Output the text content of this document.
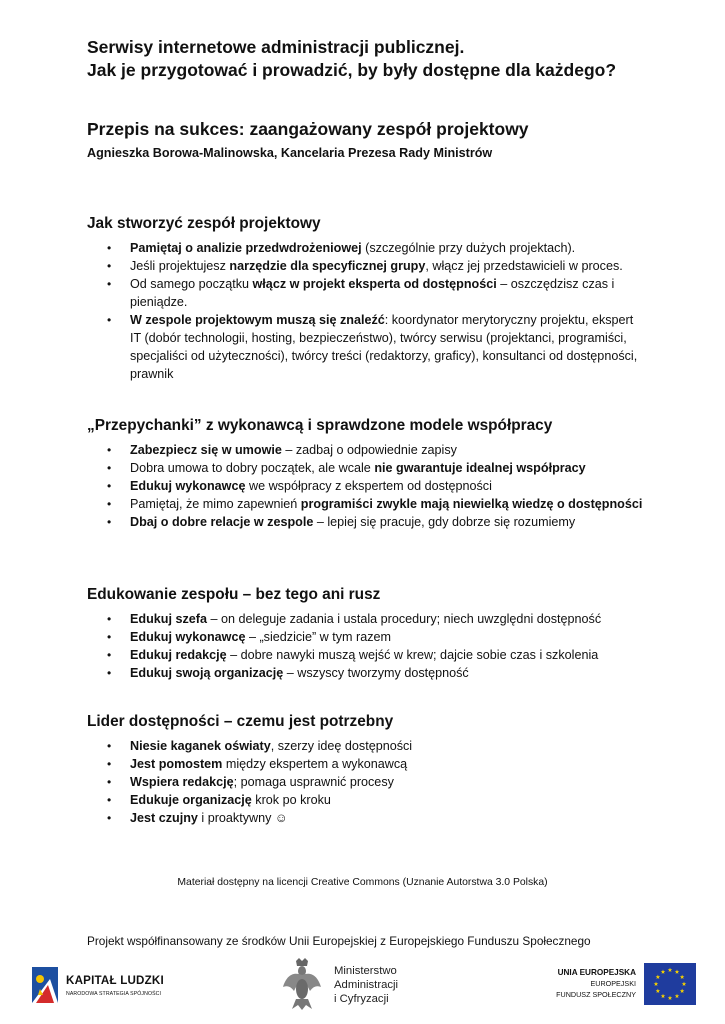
Serwisy internetowe administracji publicznej.
Jak je przygotować i prowadzić, by były dostępne dla każdego?
Przepis na sukces: zaangażowany zespół projektowy
Agnieszka Borowa-Malinowska, Kancelaria Prezesa Rady Ministrów
Jak stworzyć zespół projektowy
• Pamiętaj o analizie przedwdrożeniowej (szczególnie przy dużych projektach).
• Jeśli projektujesz narzędzie dla specyficznej grupy, włącz jej przedstawicieli w proces.
• Od samego początku włącz w projekt eksperta od dostępności – oszczędzisz czas i pieniądze.
• W zespole projektowym muszą się znaleźć: koordynator merytoryczny projektu, ekspert IT (dobór technologii, hosting, bezpieczeństwo), twórcy serwisu (projektanci, programiści, specjaliści od użyteczności), twórcy treści (redaktorzy, graficy), konsultanci od dostępności, prawnik
„Przepychanki” z wykonawcą i sprawdzone modele współpracy
• Zabezpiecz się w umowie – zadbaj o odpowiednie zapisy
• Dobra umowa to dobry początek, ale wcale nie gwarantuje idealnej współpracy
• Edukuj wykonawcę we współpracy z ekspertem od dostępności
• Pamiętaj, że mimo zapewnień programiści zwykle mają niewielką wiedzę o dostępności
• Dbaj o dobre relacje w zespole – lepiej się pracuje, gdy dobrze się rozumiemy
Edukowanie zespołu – bez tego ani rusz
• Edukuj szefa – on deleguje zadania i ustala procedury; niech uwzględni dostępność
• Edukuj wykonawcę – „siedzicie” w tym razem
• Edukuj redakcję – dobre nawyki muszą wejść w krew; dajcie sobie czas i szkolenia
• Edukuj swoją organizację – wszyscy tworzymy dostępność
Lider dostępności – czemu jest potrzebny
• Niesie kaganek oświaty, szerzy ideę dostępności
• Jest pomostem między ekspertem a wykonawcą
• Wspiera redakcję; pomaga usprawnić procesy
• Edukuje organizację krok po kroku
• Jest czujny i proaktywny ☺
Materiał dostępny na licencji Creative Commons (Uznanie Autorstwa 3.0 Polska)
Projekt współfinansowany ze środków Unii Europejskiej z Europejskiego Funduszu Społecznego
KAPITAŁ LUDZKI
NARODOWA STRATEGIA SPÓJNOŚCI
Ministerstwo
Administracji
i Cyfryzacji
UNIA EUROPEJSKA
EUROPEJSKI
FUNDUSZ SPOŁECZNY
